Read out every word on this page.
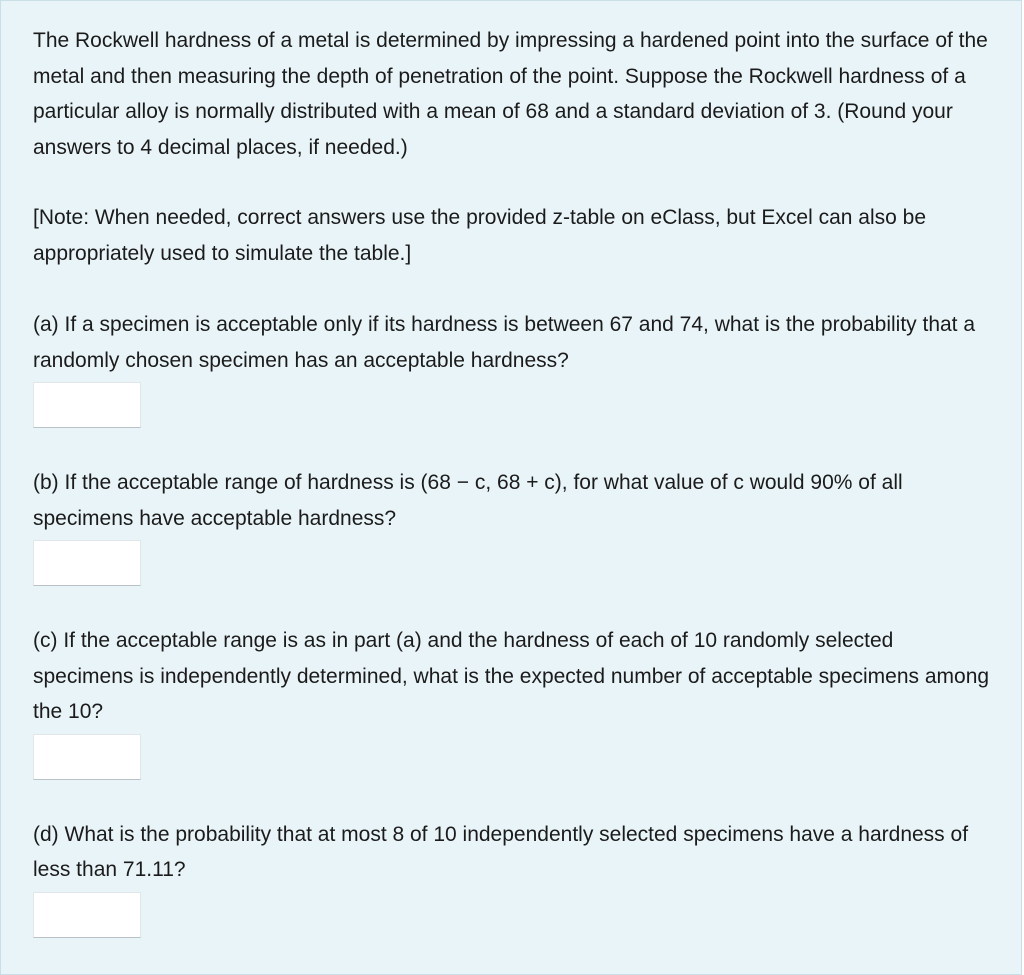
The Rockwell hardness of a metal is determined by impressing a hardened point into the surface of the metal and then measuring the depth of penetration of the point. Suppose the Rockwell hardness of a particular alloy is normally distributed with a mean of 68 and a standard deviation of 3. (Round your answers to 4 decimal places, if needed.)

[Note: When needed, correct answers use the provided z-table on eClass, but Excel can also be appropriately used to simulate the table.]

(a) If a specimen is acceptable only if its hardness is between 67 and 74, what is the probability that a randomly chosen specimen has an acceptable hardness?

(b) If the acceptable range of hardness is (68 − c, 68 + c), for what value of c would 90% of all specimens have acceptable hardness?

(c) If the acceptable range is as in part (a) and the hardness of each of 10 randomly selected specimens is independently determined, what is the expected number of acceptable specimens among the 10?

(d) What is the probability that at most 8 of 10 independently selected specimens have a hardness of less than 71.11?
